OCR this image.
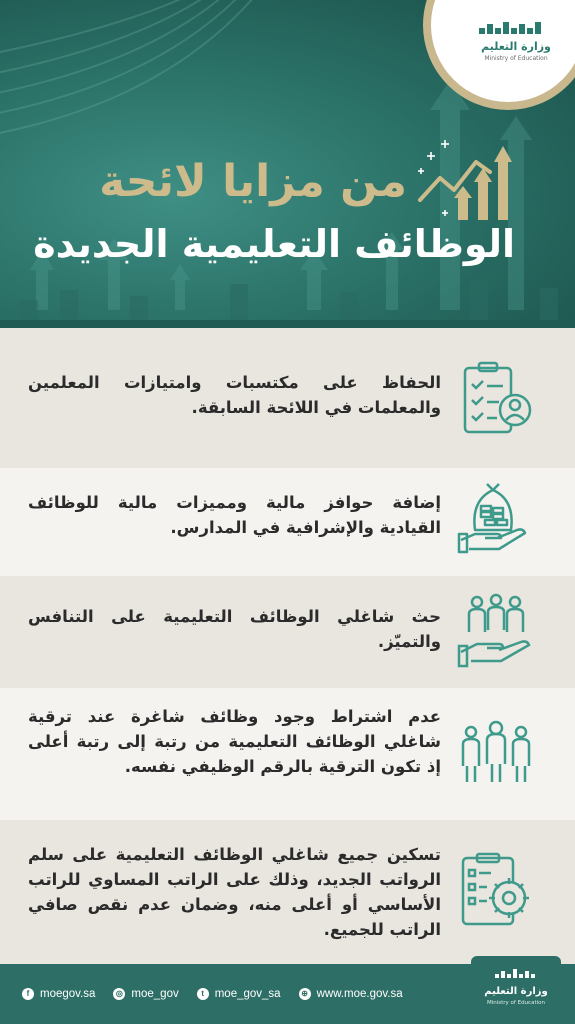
وزارة التعليم
Ministry of Education
من مزايا لائحة
الوظائف التعليمية الجديدة
الحفاظ على مكتسبات وامتيازات المعلمين والمعلمات في اللائحة السابقة.
إضافة حوافز مالية ومميزات مالية للوظائف القيادية والإشرافية في المدارس.
حث شاغلي الوظائف التعليمية على التنافس والتميّز.
عدم اشتراط وجود وظائف شاغرة عند ترقية شاغلي الوظائف التعليمية من رتبة إلى رتبة أعلى إذ تكون الترقية بالرقم الوظيفي نفسه.
تسكين جميع شاغلي الوظائف التعليمية على سلم الرواتب الجديد، وذلك على الراتب المساوي للراتب الأساسي أو أعلى منه، وضمان عدم نقص صافي الراتب للجميع.
f moegov.sa	◎ moe_gov	t moe_gov_sa	⊕ www.moe.gov.sa	وزارة التعليم
Ministry of Education
